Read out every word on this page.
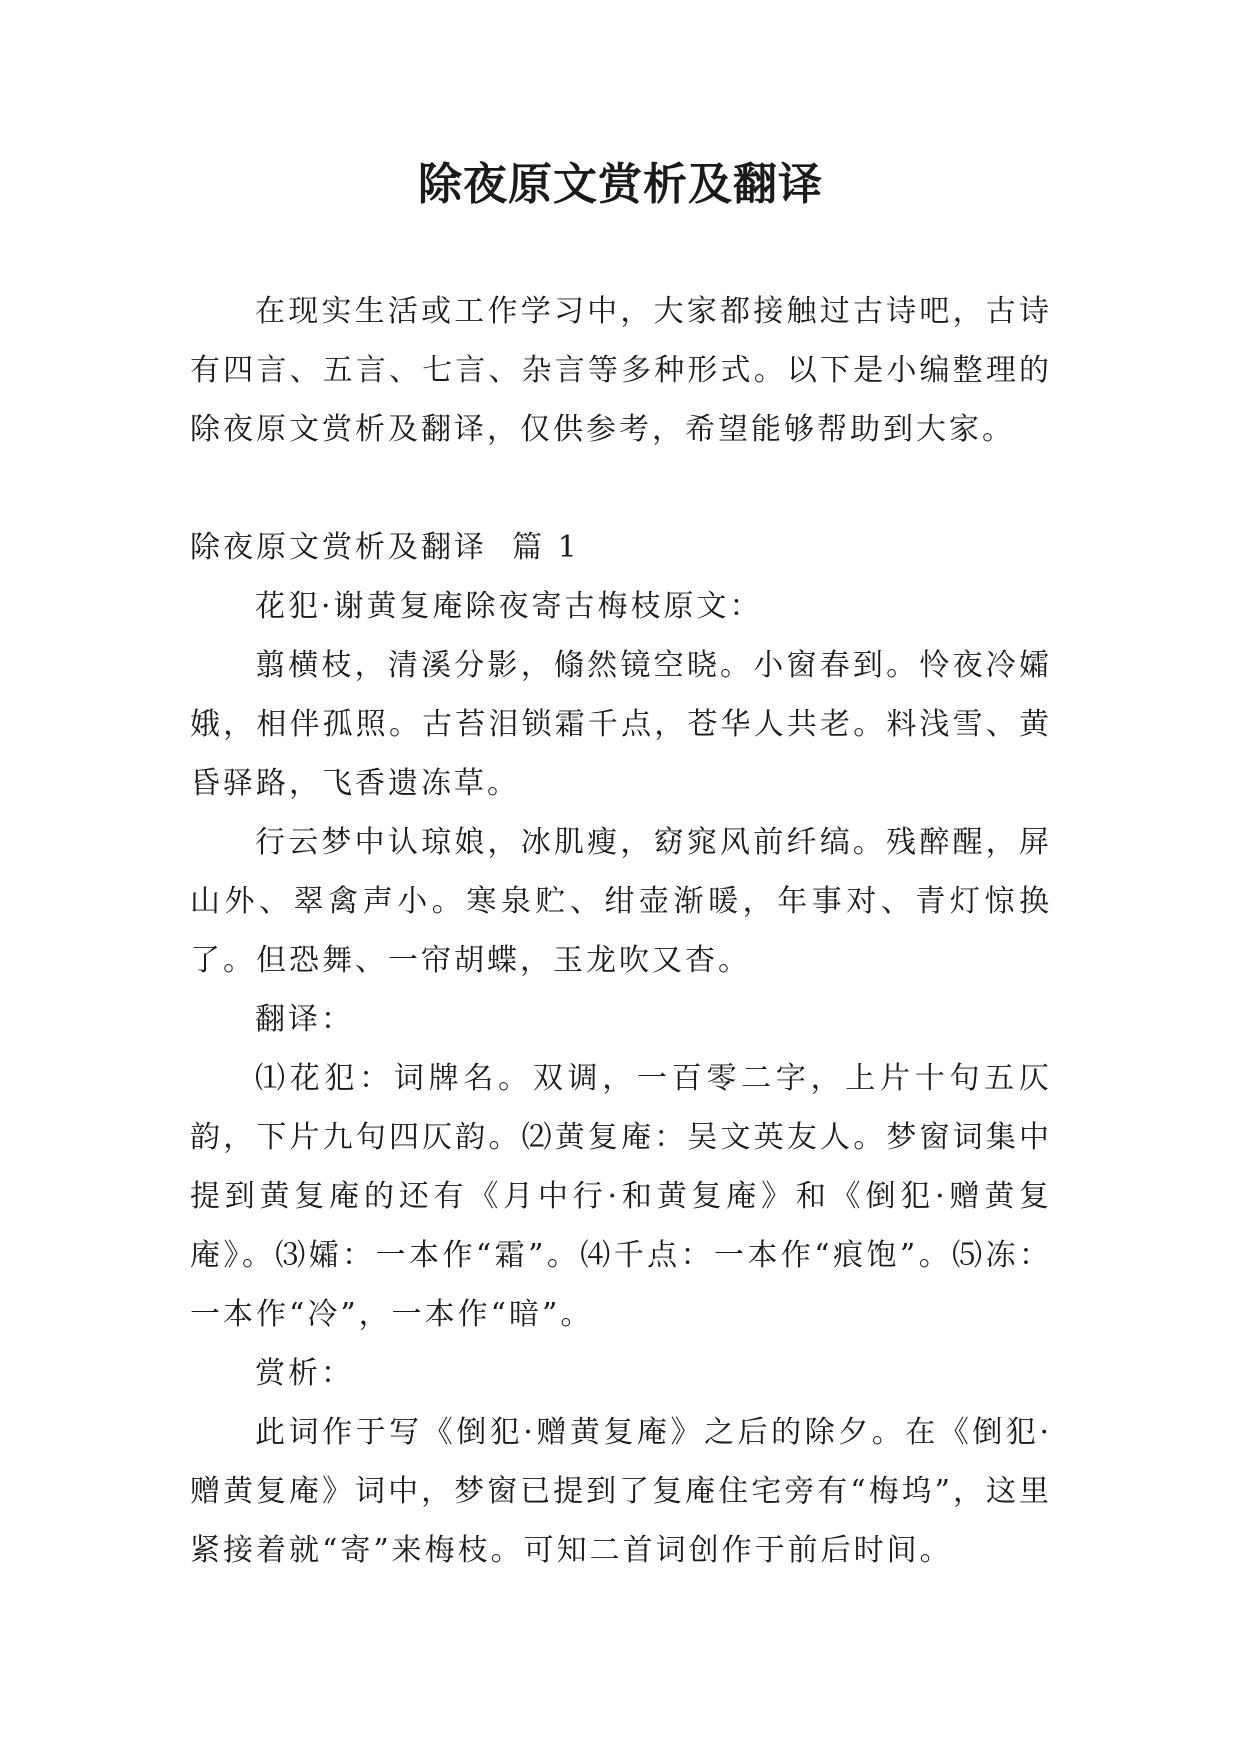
除夜原文赏析及翻译

在现实生活或工作学习中，大家都接触过古诗吧，古诗有四言、五言、七言、杂言等多种形式。以下是小编整理的除夜原文赏析及翻译，仅供参考，希望能够帮助到大家。

除夜原文赏析及翻译  篇 1

花犯·谢黄复庵除夜寄古梅枝原文：

翦横枝，清溪分影，翛然镜空晓。小窗春到。怜夜冷孀娥，相伴孤照。古苔泪锁霜千点，苍华人共老。料浅雪、黄昏驿路，飞香遗冻草。

行云梦中认琼娘，冰肌瘦，窈窕风前纤缟。残醉醒，屏山外、翠禽声小。寒泉贮、绀壶渐暖，年事对、青灯惊换了。但恐舞、一帘胡蝶，玉龙吹又杳。

翻译：

⑴花犯：词牌名。双调，一百零二字，上片十句五仄韵，下片九句四仄韵。⑵黄复庵：吴文英友人。梦窗词集中提到黄复庵的还有《月中行·和黄复庵》和《倒犯·赠黄复庵》。⑶孀：一本作“霜”。⑷千点：一本作“痕饱”。⑸冻：一本作“冷”，一本作“暗”。

赏析：

此词作于写《倒犯·赠黄复庵》之后的除夕。在《倒犯·赠黄复庵》词中，梦窗已提到了复庵住宅旁有“梅坞”，这里紧接着就“寄”来梅枝。可知二首词创作于前后时间。
